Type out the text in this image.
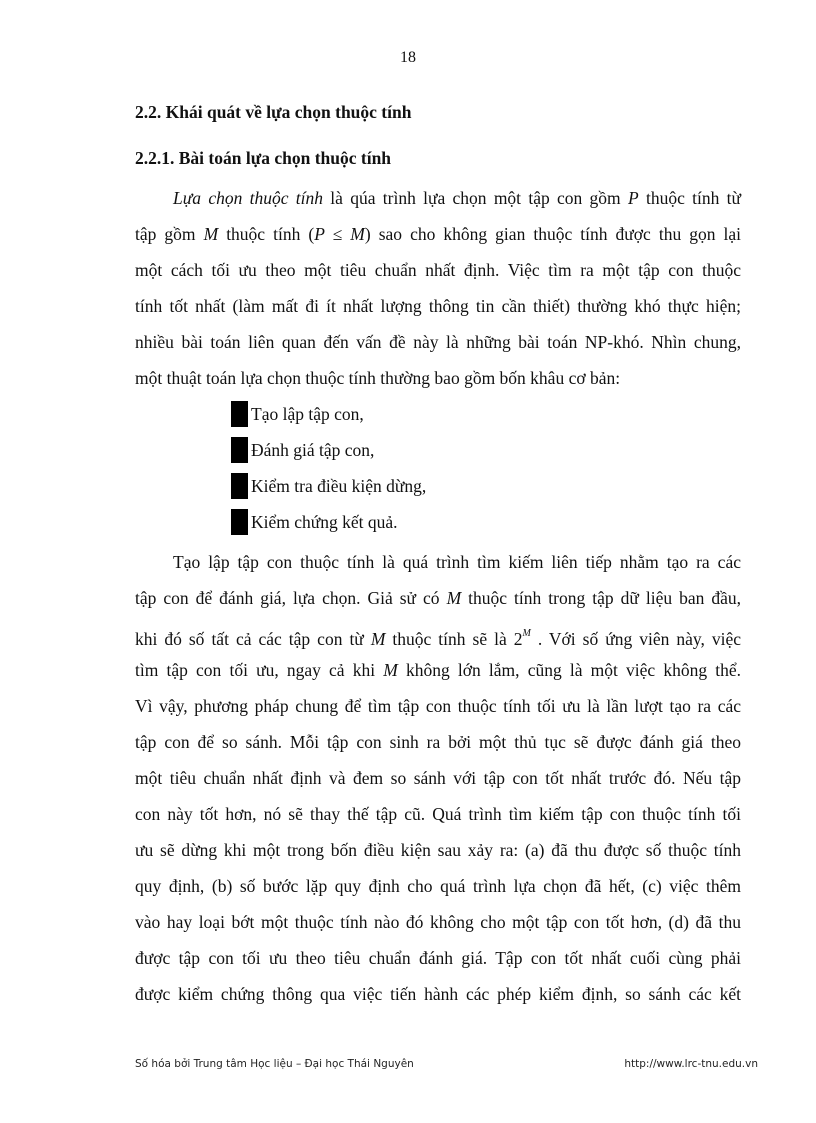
18
2.2. Khái quát về lựa chọn thuộc tính
2.2.1. Bài toán lựa chọn thuộc tính
Lựa chọn thuộc tính là qúa trình lựa chọn một tập con gồm P thuộc tính từ
tập gồm M thuộc tính (P ≤ M) sao cho không gian thuộc tính được thu gọn lại
một cách tối ưu theo một tiêu chuẩn nhất định. Việc tìm ra một tập con thuộc
tính tốt nhất (làm mất đi ít nhất lượng thông tin cần thiết) thường khó thực hiện;
nhiều bài toán liên quan đến vấn đề này là những bài toán NP-khó. Nhìn chung,
một thuật toán lựa chọn thuộc tính thường bao gồm bốn khâu cơ bản:
Tạo lập tập con,
Đánh giá tập con,
Kiểm tra điều kiện dừng,
Kiểm chứng kết quả.
Tạo lập tập con thuộc tính là quá trình tìm kiếm liên tiếp nhằm tạo ra các
tập con để đánh giá, lựa chọn. Giả sử có M thuộc tính trong tập dữ liệu ban đầu,
khi đó số tất cả các tập con từ M thuộc tính sẽ là $2^M$ . Với số ứng viên này, việc
tìm tập con tối ưu, ngay cả khi M không lớn lắm, cũng là một việc không thể.
Vì vậy, phương pháp chung để tìm tập con thuộc tính tối ưu là lần lượt tạo ra các
tập con để so sánh. Mỗi tập con sinh ra bởi một thủ tục sẽ được đánh giá theo
một tiêu chuẩn nhất định và đem so sánh với tập con tốt nhất trước đó. Nếu tập
con này tốt hơn, nó sẽ thay thế tập cũ. Quá trình tìm kiếm tập con thuộc tính tối
ưu sẽ dừng khi một trong bốn điều kiện sau xảy ra: (a) đã thu được số thuộc tính
quy định, (b) số bước lặp quy định cho quá trình lựa chọn đã hết, (c) việc thêm
vào hay loại bớt một thuộc tính nào đó không cho một tập con tốt hơn, (d) đã thu
được tập con tối ưu theo tiêu chuẩn đánh giá. Tập con tốt nhất cuối cùng phải
được kiểm chứng thông qua việc tiến hành các phép kiểm định, so sánh các kết
Số hóa bởi Trung tâm Học liệu – Đại học Thái Nguyên	http://www.lrc-tnu.edu.vn
